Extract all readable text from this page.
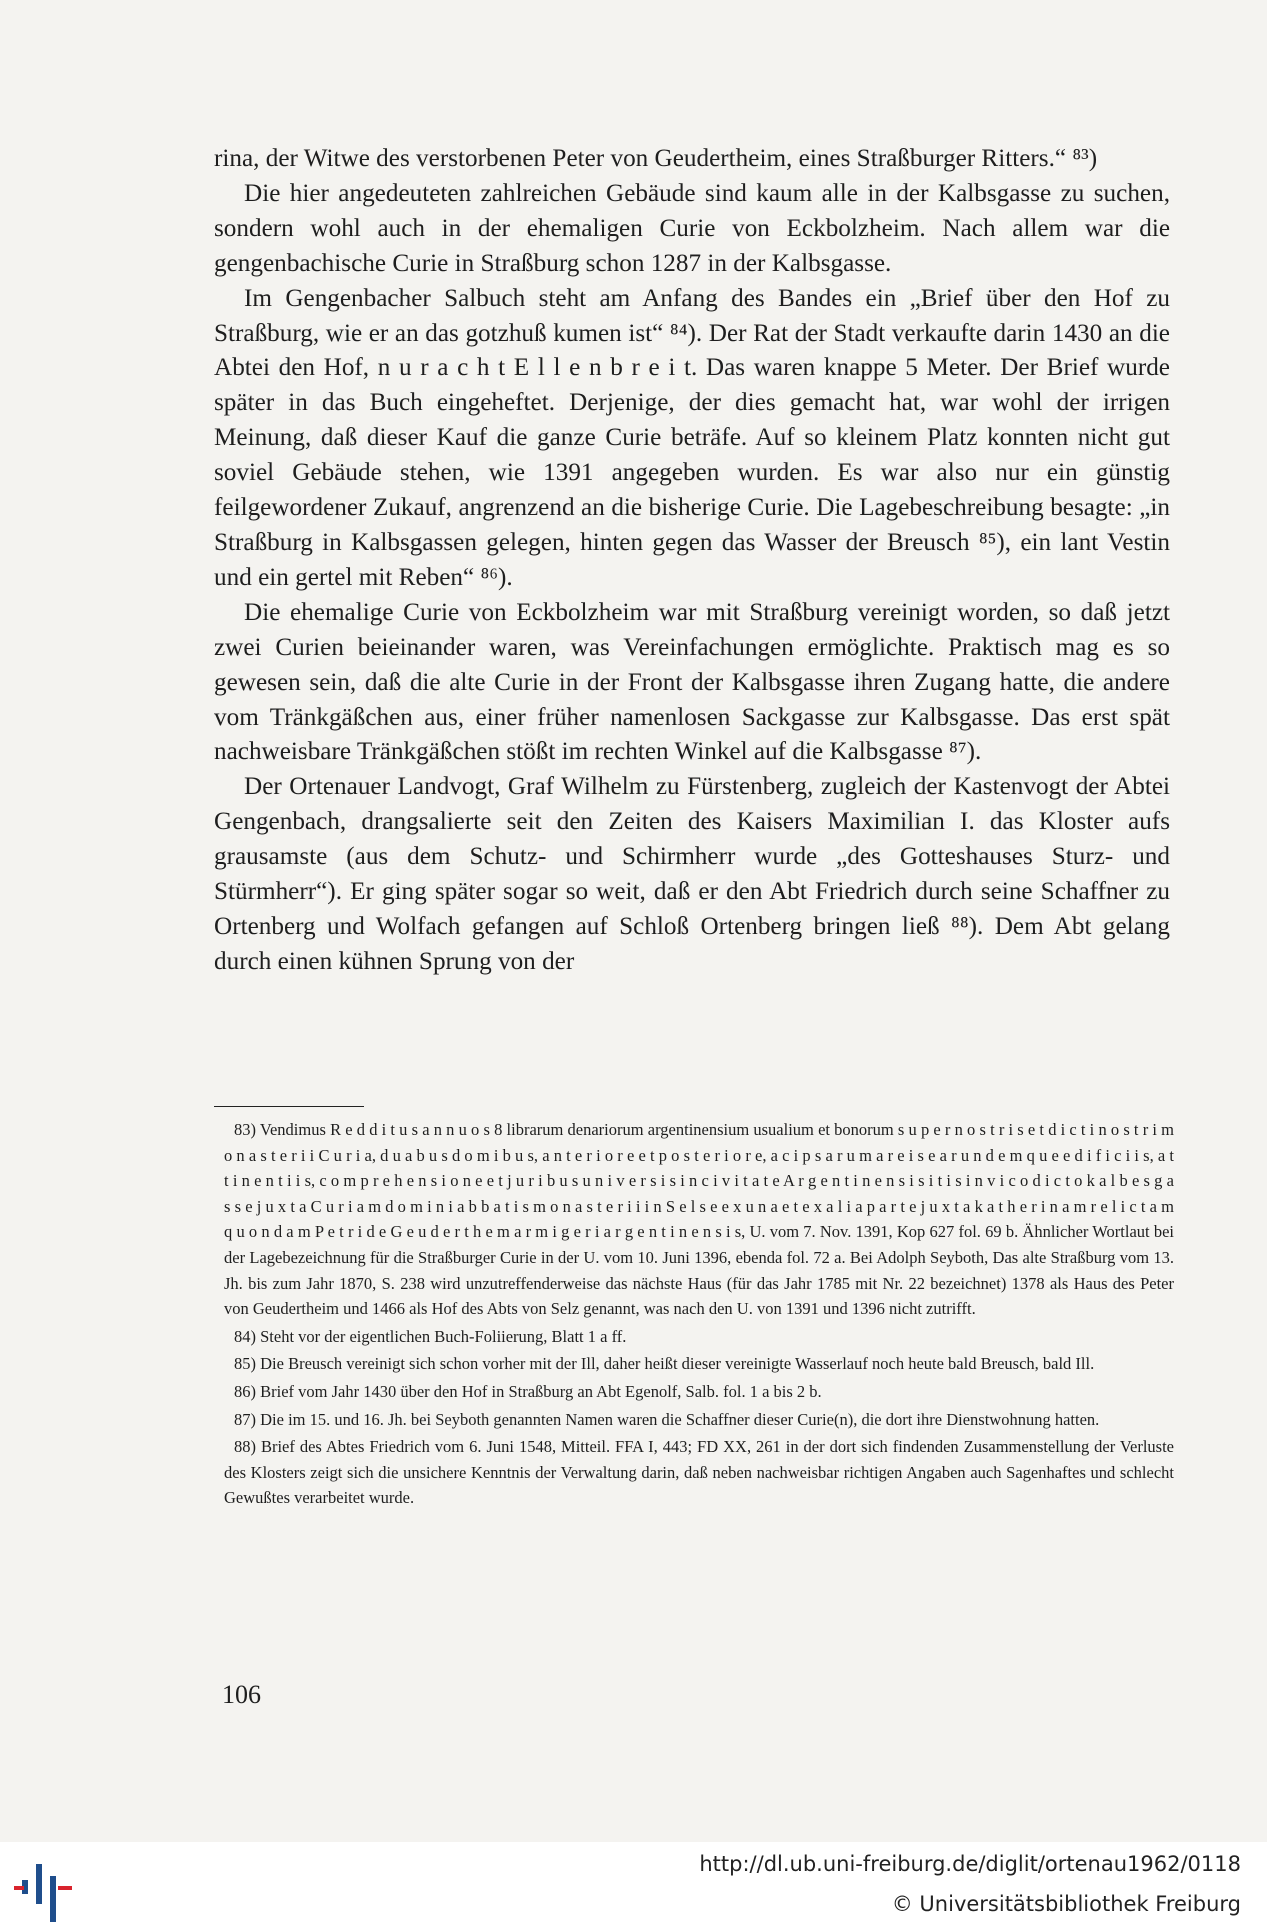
rina, der Witwe des verstorbenen Peter von Geudertheim, eines Straßburger Ritters.“ ⁸³)

Die hier angedeuteten zahlreichen Gebäude sind kaum alle in der Kalbsgasse zu suchen, sondern wohl auch in der ehemaligen Curie von Eckbolzheim. Nach allem war die gengenbachische Curie in Straßburg schon 1287 in der Kalbsgasse.

Im Gengenbacher Salbuch steht am Anfang des Bandes ein „Brief über den Hof zu Straßburg, wie er an das gotzhuß kumen ist“ ⁸⁴). Der Rat der Stadt verkaufte darin 1430 an die Abtei den Hof, n u r a c h t E l l e n b r e i t. Das waren knappe 5 Meter. Der Brief wurde später in das Buch eingeheftet. Derjenige, der dies gemacht hat, war wohl der irrigen Meinung, daß dieser Kauf die ganze Curie beträfe. Auf so kleinem Platz konnten nicht gut soviel Gebäude stehen, wie 1391 angegeben wurden. Es war also nur ein günstig feilgewordener Zukauf, angrenzend an die bisherige Curie. Die Lagebeschreibung besagte: „in Straßburg in Kalbsgassen gelegen, hinten gegen das Wasser der Breusch ⁸⁵), ein lant Vestin und ein gertel mit Reben“ ⁸⁶).

Die ehemalige Curie von Eckbolzheim war mit Straßburg vereinigt worden, so daß jetzt zwei Curien beieinander waren, was Vereinfachungen ermöglichte. Praktisch mag es so gewesen sein, daß die alte Curie in der Front der Kalbsgasse ihren Zugang hatte, die andere vom Tränkgäßchen aus, einer früher namenlosen Sackgasse zur Kalbsgasse. Das erst spät nachweisbare Tränkgäßchen stößt im rechten Winkel auf die Kalbsgasse ⁸⁷).

Der Ortenauer Landvogt, Graf Wilhelm zu Fürstenberg, zugleich der Kastenvogt der Abtei Gengenbach, drangsalierte seit den Zeiten des Kaisers Maximilian I. das Kloster aufs grausamste (aus dem Schutz- und Schirmherr wurde „des Gotteshauses Sturz- und Stürmherr“). Er ging später sogar so weit, daß er den Abt Friedrich durch seine Schaffner zu Ortenberg und Wolfach gefangen auf Schloß Ortenberg bringen ließ ⁸⁸). Dem Abt gelang durch einen kühnen Sprung von der

83) Vendimus R e d d i t u s a n n u o s 8 librarum denariorum argentinensium usualium et bonorum s u p e r n o s t r i s e t d i c t i n o s t r i m o n a s t e r i i C u r i a, d u a b u s d o m i b u s, a n t e r i o r e e t p o s t e r i o r e, a c i p s a r u m a r e i s e a r u n d e m q u e e d i f i c i i s, a t t i n e n t i i s, c o m p r e h e n s i o n e e t j u r i b u s u n i v e r s i s i n c i v i t a t e A r g e n t i n e n s i s i t i s i n v i c o d i c t o k a l b e s g a s s e j u x t a C u r i a m d o m i n i a b b a t i s m o n a s t e r i i i n S e l s e e x u n a e t e x a l i a p a r t e j u x t a k a t h e r i n a m r e l i c t a m q u o n d a m P e t r i d e G e u d e r t h e m a r m i g e r i a r g e n t i n e n s i s, U. vom 7. Nov. 1391, Kop 627 fol. 69 b. Ähnlicher Wortlaut bei der Lagebezeichnung für die Straßburger Curie in der U. vom 10. Juni 1396, ebenda fol. 72 a. Bei Adolph Seyboth, Das alte Straßburg vom 13. Jh. bis zum Jahr 1870, S. 238 wird unzutreffenderweise das nächste Haus (für das Jahr 1785 mit Nr. 22 bezeichnet) 1378 als Haus des Peter von Geudertheim und 1466 als Hof des Abts von Selz genannt, was nach den U. von 1391 und 1396 nicht zutrifft.

84) Steht vor der eigentlichen Buch-Foliierung, Blatt 1 a ff.

85) Die Breusch vereinigt sich schon vorher mit der Ill, daher heißt dieser vereinigte Wasserlauf noch heute bald Breusch, bald Ill.

86) Brief vom Jahr 1430 über den Hof in Straßburg an Abt Egenolf, Salb. fol. 1 a bis 2 b.

87) Die im 15. und 16. Jh. bei Seyboth genannten Namen waren die Schaffner dieser Curie(n), die dort ihre Dienstwohnung hatten.

88) Brief des Abtes Friedrich vom 6. Juni 1548, Mitteil. FFA I, 443; FD XX, 261 in der dort sich findenden Zusammenstellung der Verluste des Klosters zeigt sich die unsichere Kenntnis der Verwaltung darin, daß neben nachweisbar richtigen Angaben auch Sagenhaftes und schlecht Gewußtes verarbeitet wurde.

106
http://dl.ub.uni-freiburg.de/diglit/ortenau1962/0118
© Universitätsbibliothek Freiburg
